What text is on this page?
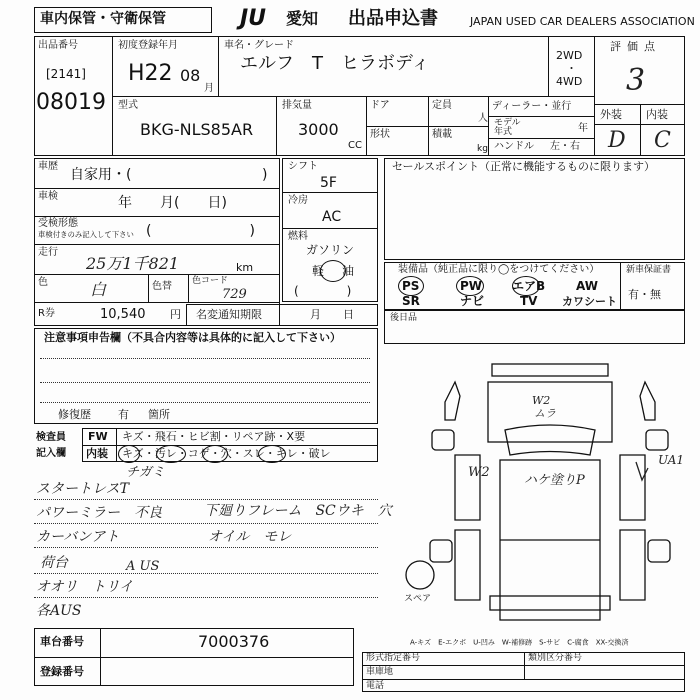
車内保管・守衛保管	JU 愛知 出品申込書	JAPAN USED CAR DEALERS ASSOCIATION
出品番号
[2141]
08019
初度登録年月
H22 08
月
車名・グレード
エルフ　T　ヒラボディ	2WD
・
4WD
評価点
3
型式
BKG-NLS85AR
排気量
3000
CC
ドア
形状
定員
人
積載
kg
ディーラー・並行
モデル
年式	年
ハンドル 左・右
外装 内装
D C
車歴
自家用・(	)
車検	年　　月(　　日)
受検形態
車検付きのみ記入して下さい (　　　　　　　)
走行
25万1千821	km
色	白	色替 色コード
729
R券	10,540 円 名変通知期限	月　　日
シフト
5F
冷房
AC
燃料
ガソリン
軽 油
(　　　　)
セールスポイント（正常に機能するものに限ります）
装備品（純正品に限り◯をつけてください）
PS	PW エアB	AW
SR	ナビ	TV カワシート
新車保証書
有・無
後日品
注意事項申告欄（不具合内容等は具体的に記入して下さい）
修復歴 有 箇所
検査員
記入欄
FW キズ・飛石・ヒビ割・リペア跡・X要
内装 キズ・汚レ・コゲ・穴・スレ・キレ・破レ
チガミ
スタートレスT
パワーミラー　不良	下廻りフレーム　SCウキ　穴
カーバンアト	オイル　モレ
荷台	A US
オオリ　トリイ
各AUS
W2
ムラ
W2
ハケ塗りP
UA1
スペア
A-キズ　E-エクボ　U-凹み　W-補修跡　S-サビ　C-腐食　XX-交換済
車台番号	7000376
登録番号
形式指定番号	類別区分番号
車庫地
電話
